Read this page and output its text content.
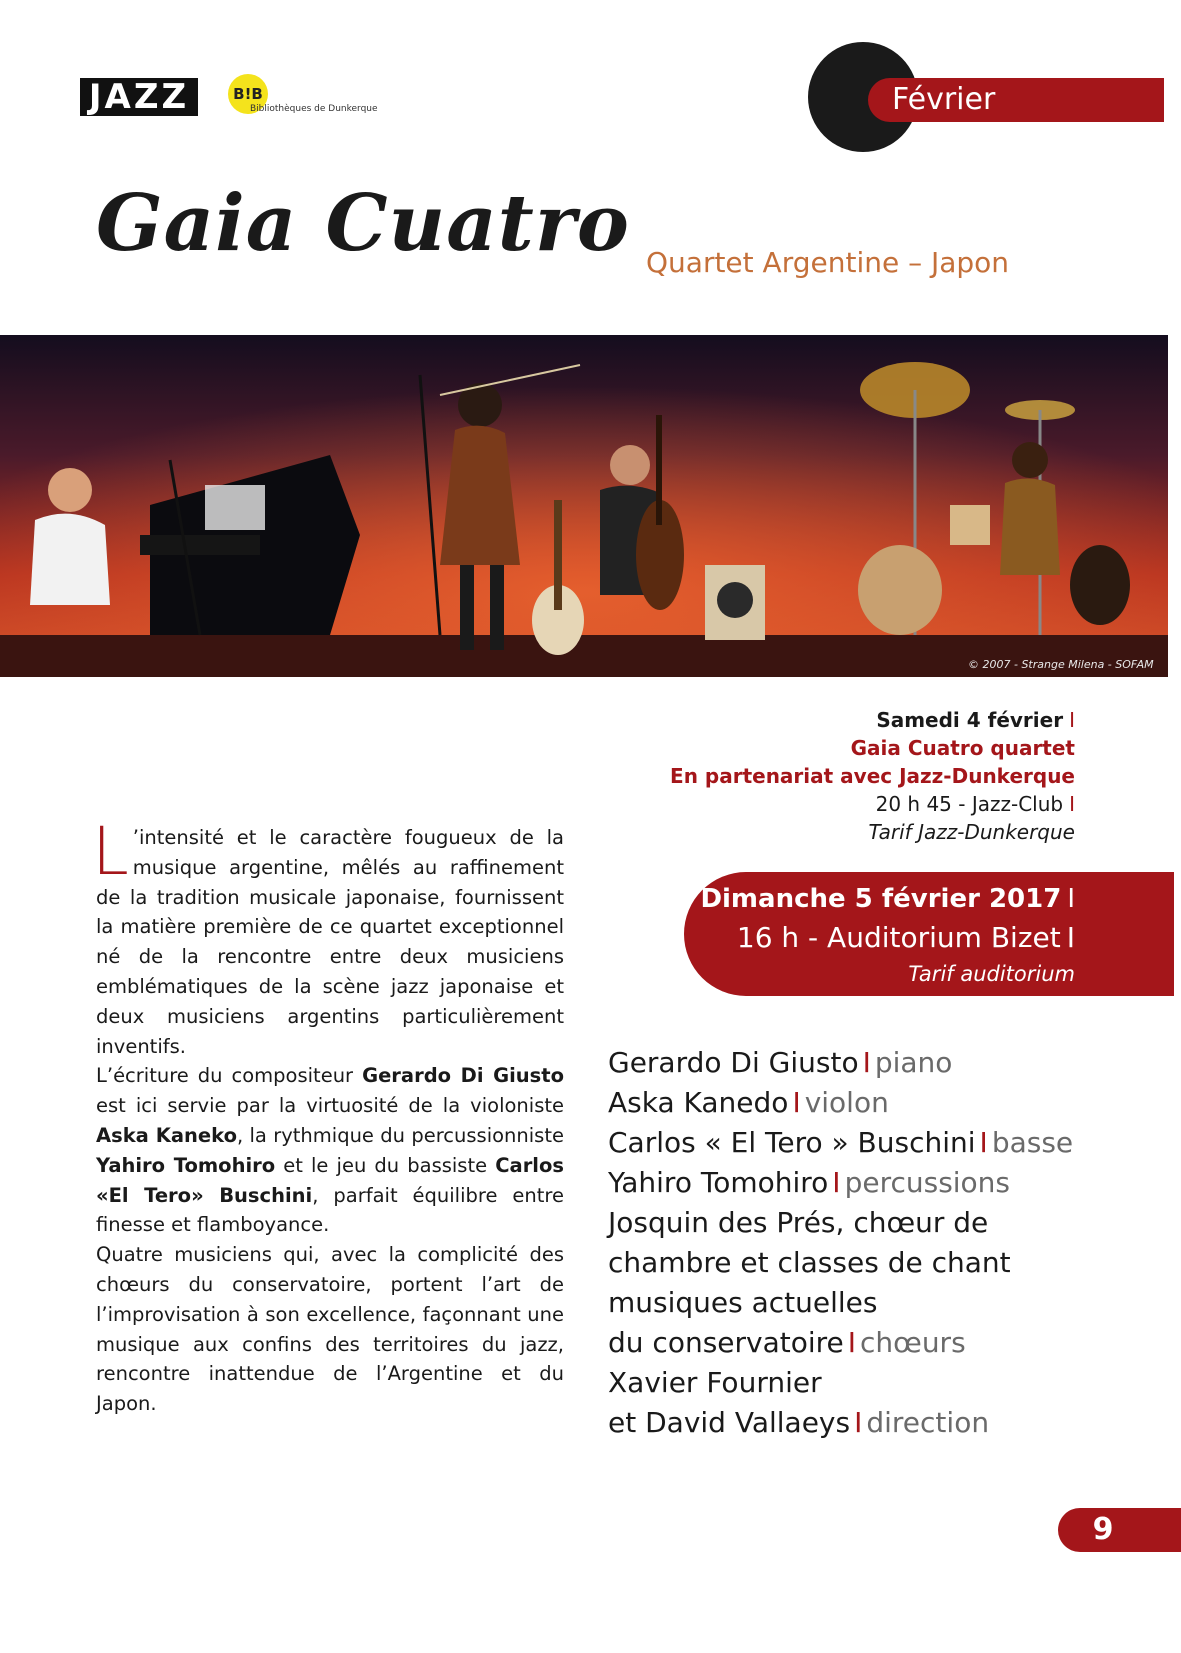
JAZZ	B!B
Bibliothèques de Dunkerque	Février
Gaia Cuatro Quartet Argentine – Japon
© 2007 - Strange Milena - SOFAM
Samedi 4 février I
Gaia Cuatro quartet
En partenariat avec Jazz-Dunkerque
20 h 45 - Jazz-Club I
Tarif Jazz-Dunkerque
Dimanche 5 février 2017 I
16 h - Auditorium Bizet I
Tarif auditorium

L ’intensité et le caractère fougueux de la musique argentine, mêlés au raffinement de la tradition musicale japonaise, fournissent la matière première de ce quartet exceptionnel né de la rencontre entre deux musiciens emblématiques de la scène jazz japonaise et deux musiciens argentins particulièrement inventifs.

L’écriture du compositeur Gerardo Di Giusto est ici servie par la virtuosité de la violoniste Aska Kaneko, la rythmique du percussionniste Yahiro Tomohiro et le jeu du bassiste Carlos «El Tero» Buschini, parfait équilibre entre finesse et flamboyance.

Quatre musiciens qui, avec la complicité des chœurs du conservatoire, portent l’art de l’improvisation à son excellence, façonnant une musique aux confins des territoires du jazz, rencontre inattendue de l’Argentine et du Japon.

Gerardo Di Giusto I piano
Aska Kanedo I violon
Carlos « El Tero » Buschini I basse
Yahiro Tomohiro I percussions
Josquin des Prés, chœur de
chambre et classes de chant
musiques actuelles
du conservatoire I chœurs
Xavier Fournier
et David Vallaeys I direction
9
